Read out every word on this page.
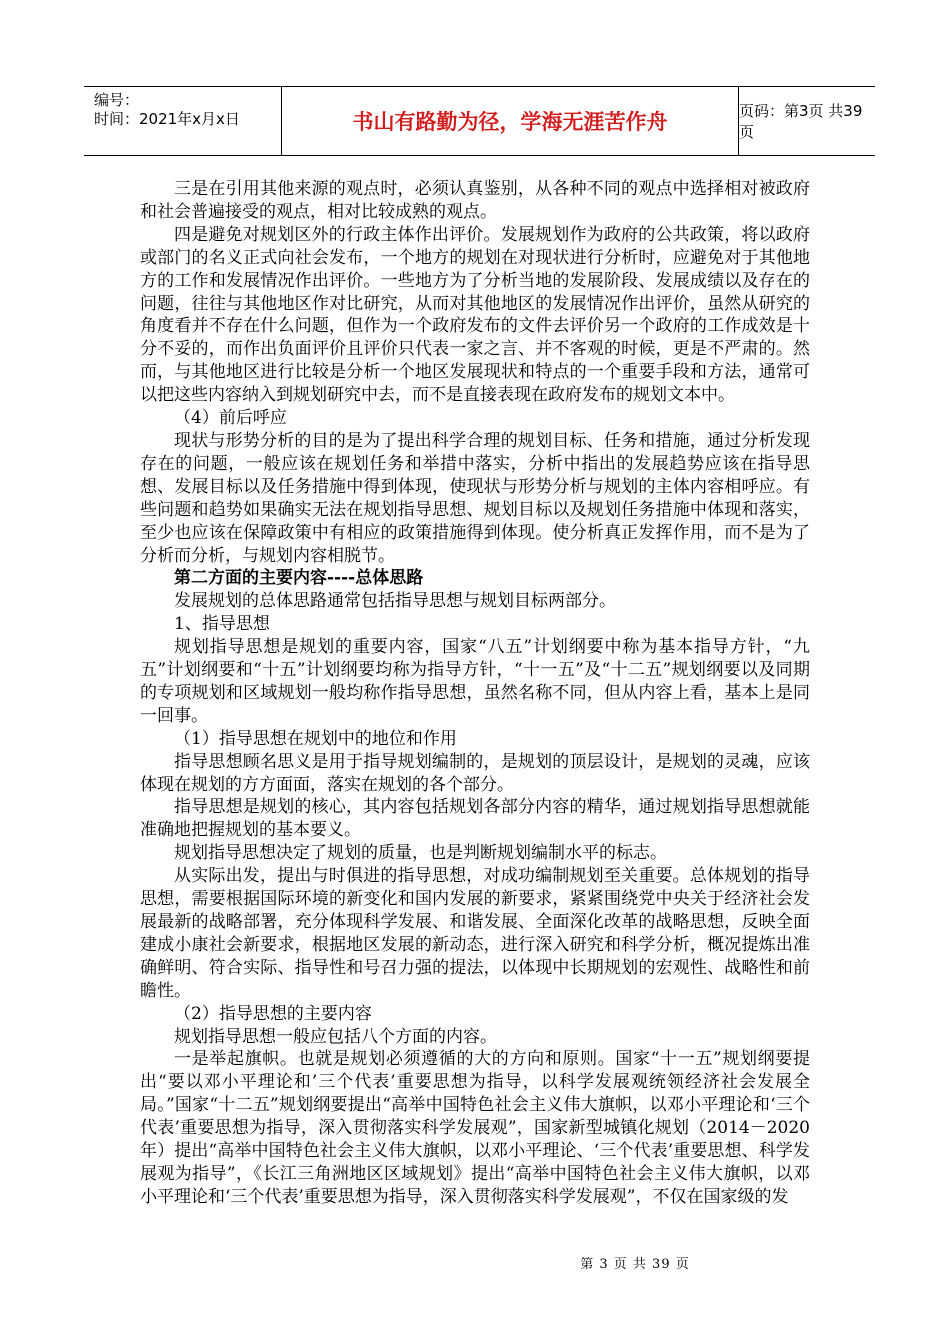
编号：
时间：2021年x月x日	书山有路勤为径，学海无涯苦作舟	页码：第3页 共39页

三是在引用其他来源的观点时，必须认真鉴别，从各种不同的观点中选择相对被政府和社会普遍接受的观点，相对比较成熟的观点。

四是避免对规划区外的行政主体作出评价。发展规划作为政府的公共政策，将以政府或部门的名义正式向社会发布，一个地方的规划在对现状进行分析时，应避免对于其他地方的工作和发展情况作出评价。一些地方为了分析当地的发展阶段、发展成绩以及存在的问题，往往与其他地区作对比研究，从而对其他地区的发展情况作出评价，虽然从研究的角度看并不存在什么问题，但作为一个政府发布的文件去评价另一个政府的工作成效是十分不妥的，而作出负面评价且评价只代表一家之言、并不客观的时候，更是不严肃的。然而，与其他地区进行比较是分析一个地区发展现状和特点的一个重要手段和方法，通常可以把这些内容纳入到规划研究中去，而不是直接表现在政府发布的规划文本中。

（4）前后呼应

现状与形势分析的目的是为了提出科学合理的规划目标、任务和措施，通过分析发现存在的问题，一般应该在规划任务和举措中落实，分析中指出的发展趋势应该在指导思想、发展目标以及任务措施中得到体现，使现状与形势分析与规划的主体内容相呼应。有些问题和趋势如果确实无法在规划指导思想、规划目标以及规划任务措施中体现和落实，至少也应该在保障政策中有相应的政策措施得到体现。使分析真正发挥作用，而不是为了分析而分析，与规划内容相脱节。

第二方面的主要内容----总体思路

发展规划的总体思路通常包括指导思想与规划目标两部分。

1、指导思想

规划指导思想是规划的重要内容，国家“八五”计划纲要中称为基本指导方针，“九五”计划纲要和“十五”计划纲要均称为指导方针，“十一五”及“十二五”规划纲要以及同期的专项规划和区域规划一般均称作指导思想，虽然名称不同，但从内容上看，基本上是同一回事。

（1）指导思想在规划中的地位和作用

指导思想顾名思义是用于指导规划编制的，是规划的顶层设计，是规划的灵魂，应该体现在规划的方方面面，落实在规划的各个部分。

指导思想是规划的核心，其内容包括规划各部分内容的精华，通过规划指导思想就能准确地把握规划的基本要义。

规划指导思想决定了规划的质量，也是判断规划编制水平的标志。

从实际出发，提出与时俱进的指导思想，对成功编制规划至关重要。总体规划的指导思想，需要根据国际环境的新变化和国内发展的新要求，紧紧围绕党中央关于经济社会发展最新的战略部署，充分体现科学发展、和谐发展、全面深化改革的战略思想，反映全面建成小康社会新要求，根据地区发展的新动态，进行深入研究和科学分析，概况提炼出准确鲜明、符合实际、指导性和号召力强的提法，以体现中长期规划的宏观性、战略性和前瞻性。

（2）指导思想的主要内容

规划指导思想一般应包括八个方面的内容。

一是举起旗帜。也就是规划必须遵循的大的方向和原则。国家“十一五”规划纲要提出“要以邓小平理论和’三个代表’重要思想为指导，以科学发展观统领经济社会发展全局。”国家“十二五”规划纲要提出“高举中国特色社会主义伟大旗帜，以邓小平理论和‘三个代表’重要思想为指导，深入贯彻落实科学发展观”，国家新型城镇化规划（2014－2020年）提出“高举中国特色社会主义伟大旗帜，以邓小平理论、‘三个代表’重要思想、科学发展观为指导”，《长江三角洲地区区域规划》提出“高举中国特色社会主义伟大旗帜，以邓小平理论和‘三个代表’重要思想为指导，深入贯彻落实科学发展观”，不仅在国家级的发

第 3 页 共 39 页
